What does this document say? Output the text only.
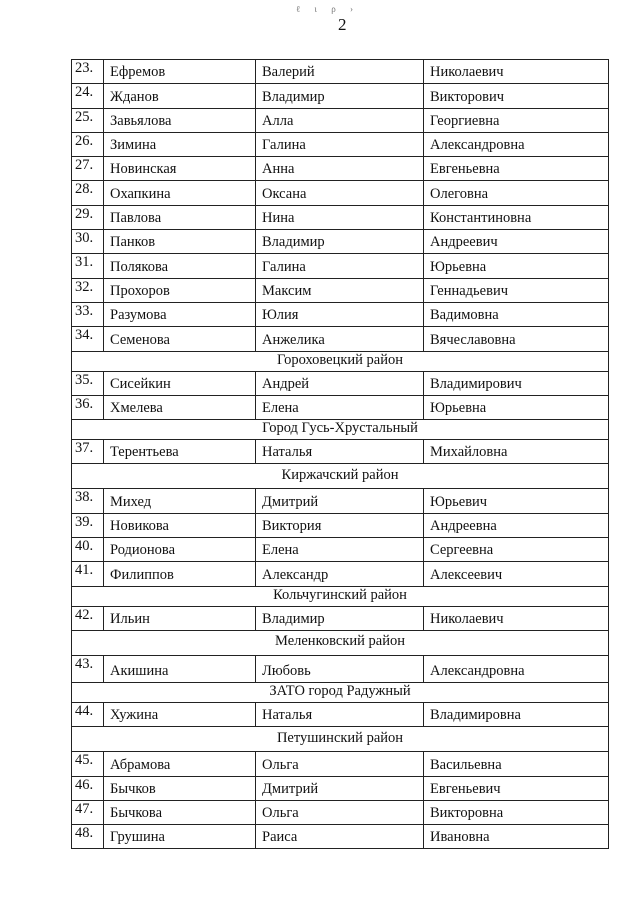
ℓ ι ρ ›
2
23.	Ефремов	Валерий	Николаевич
24.	Жданов	Владимир	Викторович
25.	Завьялова	Алла	Георгиевна
26.	Зимина	Галина	Александровна
27.	Новинская	Анна	Евгеньевна
28.	Охапкина	Оксана	Олеговна
29.	Павлова	Нина	Константиновна
30.	Панков	Владимир	Андреевич
31.	Полякова	Галина	Юрьевна
32.	Прохоров	Максим	Геннадьевич
33.	Разумова	Юлия	Вадимовна
34.	Семенова	Анжелика	Вячеславовна
Гороховецкий район			
35.	Сисейкин	Андрей	Владимирович
36.	Хмелева	Елена	Юрьевна
Город Гусь-Хрустальный			
37.	Терентьева	Наталья	Михайловна
Киржачский район			
38.	Михед	Дмитрий	Юрьевич
39.	Новикова	Виктория	Андреевна
40.	Родионова	Елена	Сергеевна
41.	Филиппов	Александр	Алексеевич
Кольчугинский район			
42.	Ильин	Владимир	Николаевич
Меленковский район			
43.	Акишина	Любовь	Александровна
ЗАТО город Радужный			
44.	Хужина	Наталья	Владимировна
Петушинский район			
45.	Абрамова	Ольга	Васильевна
46.	Бычков	Дмитрий	Евгеньевич
47.	Бычкова	Ольга	Викторовна
48.	Грушина	Раиса	Ивановна
